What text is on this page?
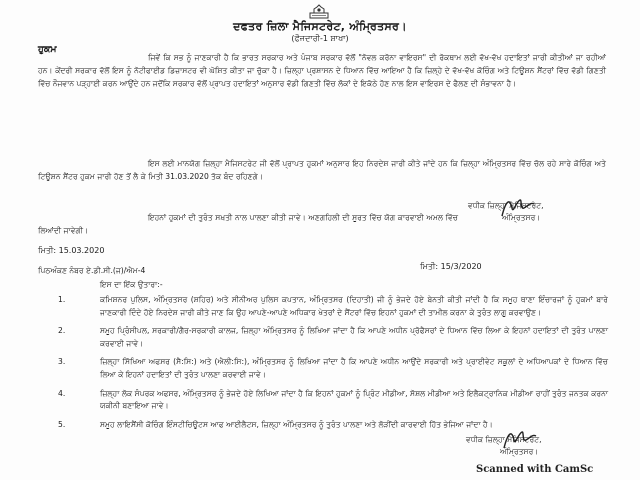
ਦਫਤਰ ਜ਼ਿਲਾ ਮੈਜਿਸਟਰੇਟ, ਅੰਮ੍ਰਿਤਸਰ।
(ਫੌਜਦਾਰੀ-1 ਸ਼ਾਖਾ)
ਹੁਕਮ
ਜਿਵੇਂ ਕਿ ਸਭ ਨੂੰ ਜਾਣਕਾਰੀ ਹੈ ਕਿ ਭਾਰਤ ਸਰਕਾਰ ਅਤੇ ਪੰਜਾਬ ਸਰਕਾਰ ਵੱਲੋਂ "ਨੋਵਲ ਕਰੋਨਾ ਵਾਇਰਸ" ਦੀ ਰੋਕਥਾਮ ਲਈ ਵੱਖ-ਵੱਖ ਹਦਾਇਤਾਂ ਜਾਰੀ ਕੀਤੀਆਂ ਜਾ ਰਹੀਆਂ ਹਨ। ਕੇਂਦਰੀ ਸਰਕਾਰ ਵੱਲੋਂ ਇਸ ਨੂੰ ਨੋਟੀਫਾਈਡ ਡਿਜ਼ਾਸਟਰ ਵੀ ਘੋਸ਼ਿਤ ਕੀਤਾ ਜਾ ਚੁੱਕਾ ਹੈ। ਜ਼ਿਲ੍ਹਾ ਪ੍ਰਸ਼ਾਸਨ ਦੇ ਧਿਆਨ ਵਿੱਚ ਆਇਆ ਹੈ ਕਿ ਜ਼ਿਲ੍ਹੇ ਦੇ ਵੱਖ-ਵੱਖ ਕੋਚਿੰਗ ਅਤੇ ਟਿਊਸ਼ਨ ਸੈਂਟਰਾਂ ਵਿੱਚ ਵੱਡੀ ਗਿਣਤੀ ਵਿੱਚ ਨੌਜਵਾਨ ਪੜ੍ਹਾਈ ਕਰਨ ਆਉਂਦੇ ਹਨ ਜਦੋਂਕਿ ਸਰਕਾਰ ਵੱਲੋਂ ਪ੍ਰਾਪਤ ਹਦਾਇਤਾਂ ਅਨੁਸਾਰ ਵੱਡੀ ਗਿਣਤੀ ਵਿੱਚ ਲੋਕਾਂ ਦੇ ਇਕੱਠੇ ਹੋਣ ਨਾਲ ਇਸ ਵਾਇਰਸ ਦੇ ਫੈਲਣ ਦੀ ਸੰਭਾਵਨਾ ਹੈ।
ਇਸ ਲਈ ਮਾਨਯੋਗ ਜ਼ਿਲ੍ਹਾ ਮੈਜਿਸਟਰੇਟ ਜੀ ਵੱਲੋਂ ਪ੍ਰਾਪਤ ਹੁਕਮਾਂ ਅਨੁਸਾਰ ਇਹ ਨਿਰਦੇਸ਼ ਜਾਰੀ ਕੀਤੇ ਜਾਂਦੇ ਹਨ ਕਿ ਜ਼ਿਲ੍ਹਾ ਅੰਮ੍ਰਿਤਸਰ ਵਿੱਚ ਚੱਲ ਰਹੇ ਸਾਰੇ ਕੋਚਿੰਗ ਅਤੇ ਟਿਊਸ਼ਨ ਸੈਂਟਰ ਹੁਕਮ ਜਾਰੀ ਹੋਣ ਤੋਂ ਲੈ ਕੇ ਮਿਤੀ 31.03.2020 ਤੱਕ ਬੰਦ ਰਹਿਣਗੇ।
ਵਧੀਕ ਜ਼ਿਲ੍ਹਾ ਮੈਜਿਸਟਰੇਟ,
ਅੰਮ੍ਰਿਤਸਰ।
ਇਹਨਾਂ ਹੁਕਮਾਂ ਦੀ ਤੁਰੰਤ ਸਖ਼ਤੀ ਨਾਲ ਪਾਲਣਾ ਕੀਤੀ ਜਾਵੇ। ਅਣਗਹਿਲੀ ਦੀ ਸੂਰਤ ਵਿੱਚ ਯੋਗ ਕਾਰਵਾਈ ਅਮਲ ਵਿੱਚ ਲਿਆਂਦੀ ਜਾਵੇਗੀ।
ਮਿਤੀ: 15.03.2020
ਪਿਠਅੰਕਣ ਨੰਬਰ ਏ.ਡੀ.ਸੀ.(ਜ)/ਐਮ-4	ਮਿਤੀ: 15/3/2020
ਇਸ ਦਾ ਇੱਕ ਉਤਾਰਾ:-
1.	ਕਮਿਸ਼ਨਰ ਪੁਲਿਸ, ਅੰਮ੍ਰਿਤਸਰ (ਸ਼ਹਿਰ) ਅਤੇ ਸੀਨੀਅਰ ਪੁਲਿਸ ਕਪਤਾਨ, ਅੰਮ੍ਰਿਤਸਰ (ਦਿਹਾਤੀ) ਜੀ ਨੂੰ ਭੇਜਦੇ ਹੋਏ ਬੇਨਤੀ ਕੀਤੀ ਜਾਂਦੀ ਹੈ ਕਿ ਸਮੂਹ ਥਾਣਾ ਇੰਚਾਰਜਾਂ ਨੂੰ ਹੁਕਮਾਂ ਬਾਰੇ ਜਾਣਕਾਰੀ ਦਿੰਦੇ ਹੋਏ ਨਿਰਦੇਸ਼ ਜਾਰੀ ਕੀਤੇ ਜਾਣ ਕਿ ਉਹ ਆਪਣੇ-ਆਪਣੇ ਅਧਿਕਾਰ ਖੇਤਰਾਂ ਦੇ ਸੈਂਟਰਾਂ ਵਿੱਚ ਇਹਨਾਂ ਹੁਕਮਾਂ ਦੀ ਤਾਮੀਲ ਕਰਨਾ ਕੇ ਤੁਰੰਤ ਲਾਗੂ ਕਰਵਾਉਣ।
2.	ਸਮੂਹ ਪ੍ਰਿੰਸੀਪਲ, ਸਰਕਾਰੀ/ਗੈਰ-ਸਰਕਾਰੀ ਕਾਲਜ, ਜ਼ਿਲ੍ਹਾ ਅੰਮ੍ਰਿਤਸਰ ਨੂੰ ਲਿਖਿਆ ਜਾਂਦਾ ਹੈ ਕਿ ਆਪਣੇ ਅਧੀਨ ਪ੍ਰੋਫੈਸਰਾਂ ਦੇ ਧਿਆਨ ਵਿੱਚ ਲਿਆ ਕੇ ਇਹਨਾਂ ਹਦਾਇਤਾਂ ਦੀ ਤੁਰੰਤ ਪਾਲਣਾ ਕਰਵਾਈ ਜਾਵੇ।
3.	ਜ਼ਿਲ੍ਹਾ ਸਿੱਖਿਆ ਅਫਸਰ (ਸੈ:ਸਿ:) ਅਤੇ (ਐਲੀ:ਸਿ:), ਅੰਮ੍ਰਿਤਸਰ ਨੂੰ ਲਿਖਿਆ ਜਾਂਦਾ ਹੈ ਕਿ ਆਪਣੇ ਅਧੀਨ ਆਉਂਦੇ ਸਰਕਾਰੀ ਅਤੇ ਪ੍ਰਾਈਵੇਟ ਸਕੂਲਾਂ ਦੇ ਅਧਿਆਪਕਾਂ ਦੇ ਧਿਆਨ ਵਿੱਚ ਲਿਆ ਕੇ ਇਹਨਾਂ ਹਦਾਇਤਾਂ ਦੀ ਤੁਰੰਤ ਪਾਲਣਾ ਕਰਵਾਈ ਜਾਵੇ।
4.	ਜ਼ਿਲ੍ਹਾ ਲੋਕ ਸੰਪਰਕ ਅਫਸਰ, ਅੰਮ੍ਰਿਤਸਰ ਨੂੰ ਭੇਜਦੇ ਹੋਏ ਲਿਖਿਆ ਜਾਂਦਾ ਹੈ ਕਿ ਇਹਨਾਂ ਹੁਕਮਾਂ ਨੂੰ ਪ੍ਰਿੰਟ ਮੀਡੀਆ, ਸੋਸ਼ਲ ਮੀਡੀਆ ਅਤੇ ਇਲੈਕਟ੍ਰਾਨਿਕ ਮੀਡੀਆ ਰਾਹੀਂ ਤੁਰੰਤ ਜਨਤਕ ਕਰਨਾ ਯਕੀਨੀ ਬਣਾਇਆ ਜਾਵੇ।
5.	ਸਮੂਹ ਲਾਇਸੈਂਸੀ ਕੋਚਿੰਗ ਇੰਸਟੀਚਿਊਟਸ ਆਫ ਆਈਲੈਟਸ, ਜ਼ਿਲ੍ਹਾ ਅੰਮ੍ਰਿਤਸਰ ਨੂੰ ਤੁਰੰਤ ਪਾਲਣਾ ਅਤੇ ਲੋੜੀਂਦੀ ਕਾਰਵਾਈ ਹਿੱਤ ਭੇਜਿਆ ਜਾਂਦਾ ਹੈ।
ਵਧੀਕ ਜ਼ਿਲ੍ਹਾ ਮੈਜਿਸਟਰੇਟ,
ਅੰਮ੍ਰਿਤਸਰ।
Scanned with CamSc
